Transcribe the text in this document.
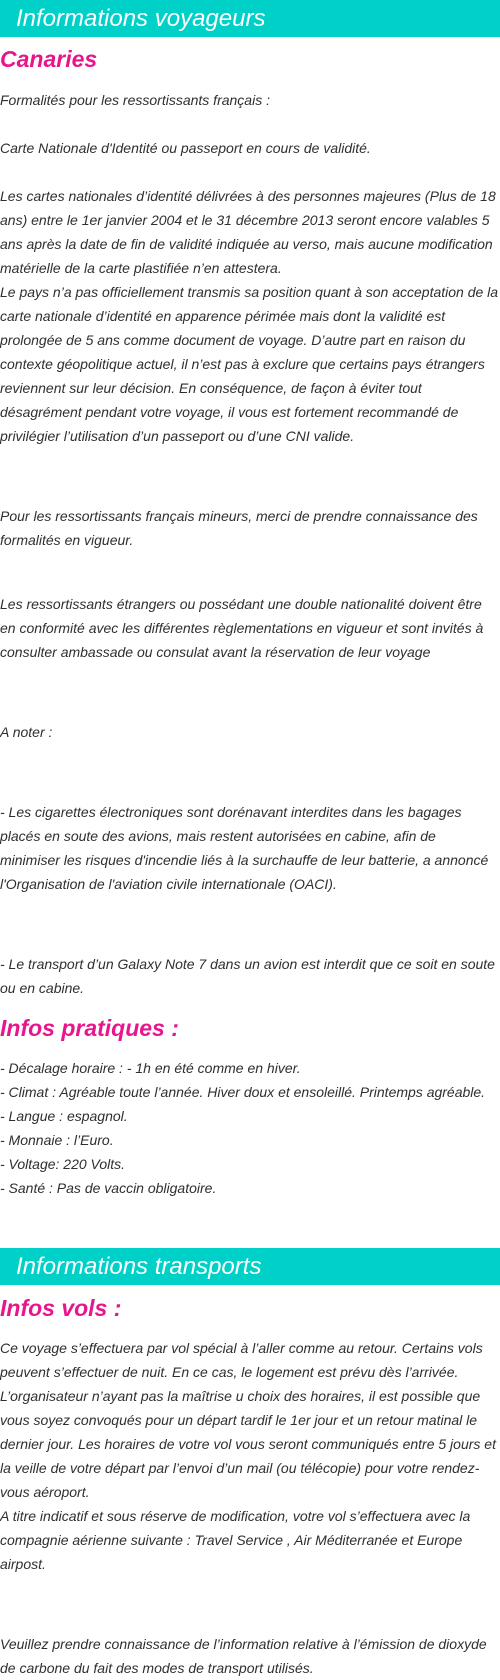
Informations voyageurs
Canaries

Formalités pour les ressortissants français :

Carte Nationale d'Identité ou passeport en cours de validité.

Les cartes nationales d’identité délivrées à des personnes majeures (Plus de 18 ans) entre le 1er janvier 2004 et le 31 décembre 2013 seront encore valables 5 ans après la date de fin de validité indiquée au verso, mais aucune modification matérielle de la carte plastifiée n’en attestera.

Le pays n’a pas officiellement transmis sa position quant à son acceptation de la carte nationale d’identité en apparence périmée mais dont la validité est prolongée de 5 ans comme document de voyage. D’autre part en raison du contexte géopolitique actuel, il n’est pas à exclure que certains pays étrangers reviennent sur leur décision. En conséquence, de façon à éviter tout désagrément pendant votre voyage, il vous est fortement recommandé de privilégier l’utilisation d’un passeport ou d’une CNI valide.

Pour les ressortissants français mineurs, merci de prendre connaissance des formalités en vigueur.

Les ressortissants étrangers ou possédant une double nationalité doivent être en conformité avec les différentes règlementations en vigueur et sont invités à consulter ambassade ou consulat avant la réservation de leur voyage

A noter :

- Les cigarettes électroniques sont dorénavant interdites dans les bagages placés en soute des avions, mais restent autorisées en cabine, afin de minimiser les risques d'incendie liés à la surchauffe de leur batterie, a annoncé l'Organisation de l'aviation civile internationale (OACI).

- Le transport d’un Galaxy Note 7 dans un avion est interdit que ce soit en soute ou en cabine.

Infos pratiques :

- Décalage horaire : - 1h en été comme en hiver.

- Climat : Agréable toute l’année. Hiver doux et ensoleillé. Printemps agréable.

- Langue : espagnol.

- Monnaie : l’Euro.

- Voltage: 220 Volts.

- Santé : Pas de vaccin obligatoire.

Informations transports
Infos vols :

Ce voyage s’effectuera par vol spécial à l’aller comme au retour. Certains vols peuvent s’effectuer de nuit. En ce cas, le logement est prévu dès l’arrivée. L’organisateur n’ayant pas la maîtrise u choix des horaires, il est possible que vous soyez convoqués pour un départ tardif le 1er jour et un retour matinal le dernier jour. Les horaires de votre vol vous seront communiqués entre 5 jours et la veille de votre départ par l’envoi d’un mail (ou télécopie) pour votre rendez-vous aéroport.

A titre indicatif et sous réserve de modification, votre vol s’effectuera avec la compagnie aérienne suivante : Travel Service , Air Méditerranée et Europe airpost.

Veuillez prendre connaissance de l’information relative à l’émission de dioxyde de carbone du fait des modes de transport utilisés.
